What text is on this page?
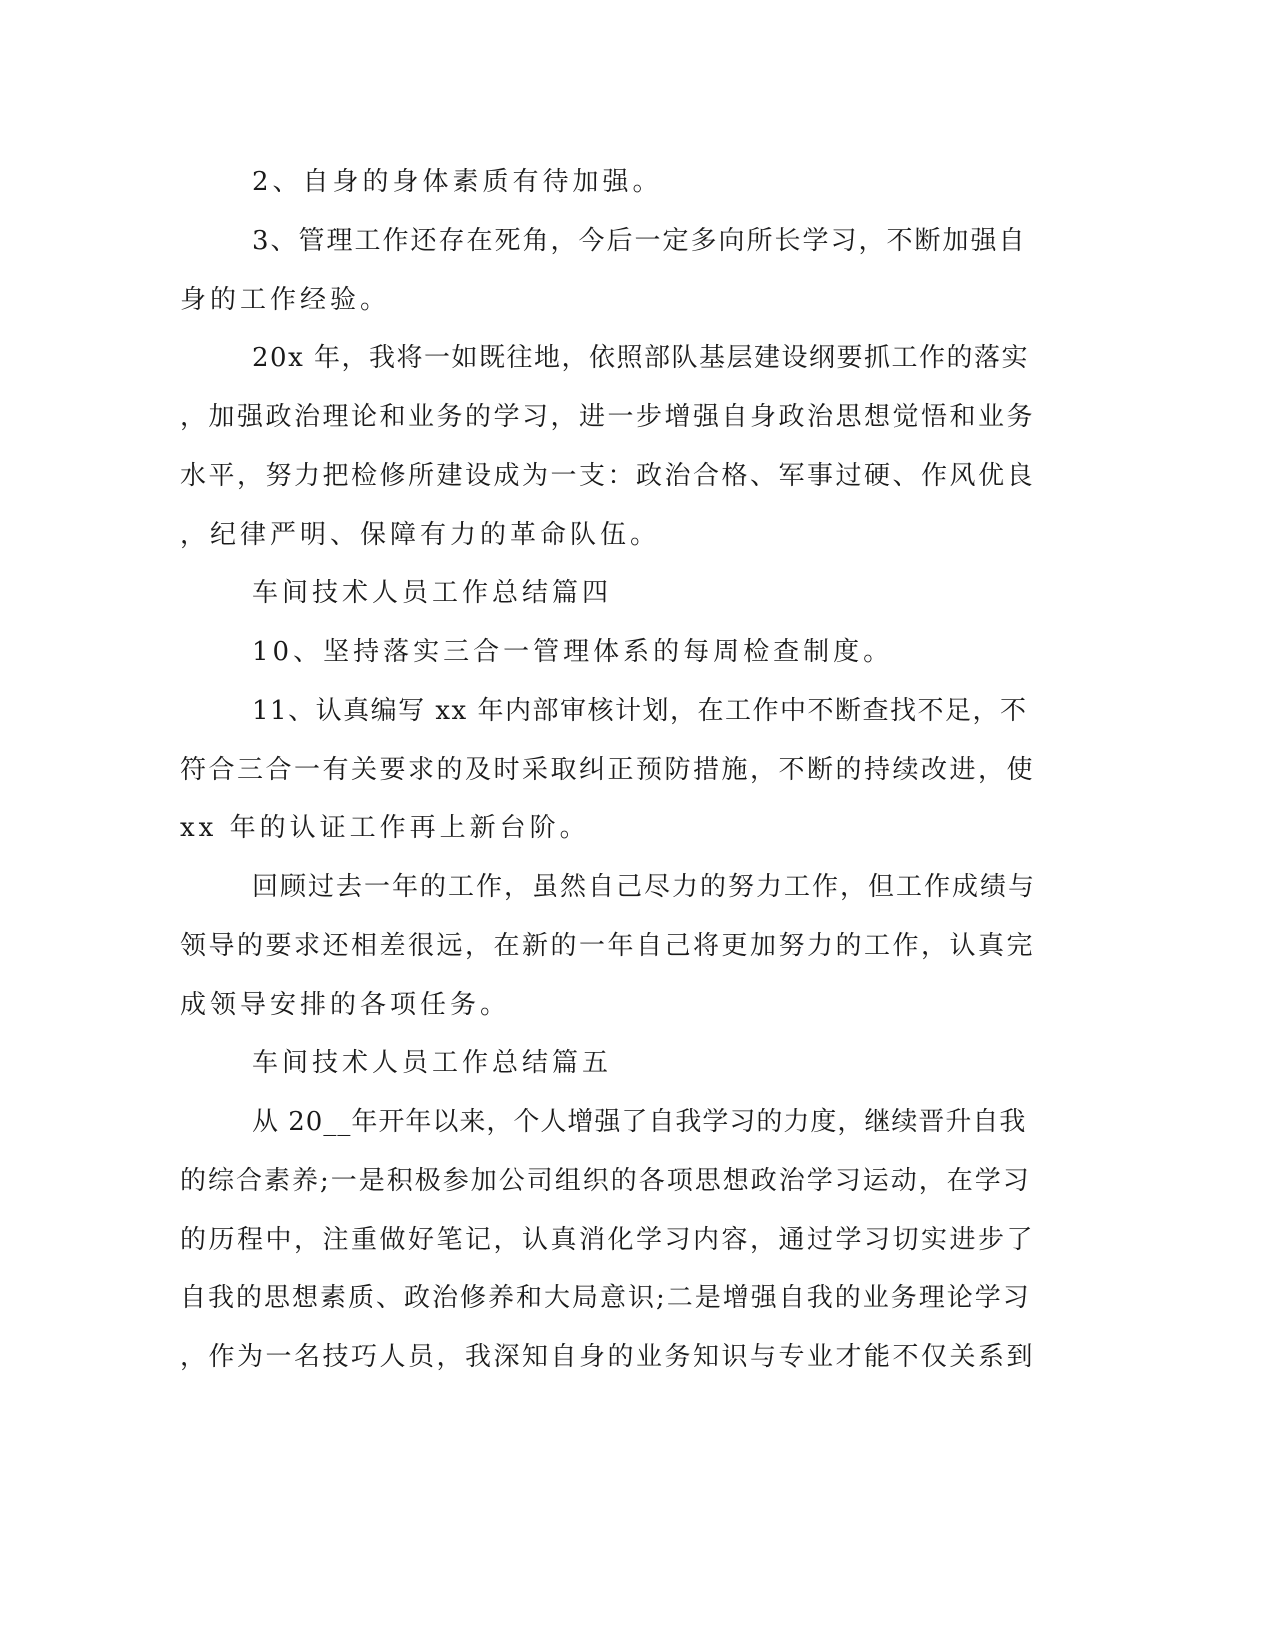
2、自身的身体素质有待加强。
3、管理工作还存在死角，今后一定多向所长学习，不断加强自
身的工作经验。
20x 年，我将一如既往地，依照部队基层建设纲要抓工作的落实
，加强政治理论和业务的学习，进一步增强自身政治思想觉悟和业务
水平，努力把检修所建设成为一支：政治合格、军事过硬、作风优良
，纪律严明、保障有力的革命队伍。
车间技术人员工作总结篇四
10、坚持落实三合一管理体系的每周检查制度。
11、认真编写 xx 年内部审核计划，在工作中不断查找不足，不
符合三合一有关要求的及时采取纠正预防措施，不断的持续改进，使
xx 年的认证工作再上新台阶。
回顾过去一年的工作，虽然自己尽力的努力工作，但工作成绩与
领导的要求还相差很远，在新的一年自己将更加努力的工作，认真完
成领导安排的各项任务。
车间技术人员工作总结篇五
从 20__年开年以来，个人增强了自我学习的力度，继续晋升自我
的综合素养;一是积极参加公司组织的各项思想政治学习运动，在学习
的历程中，注重做好笔记，认真消化学习内容，通过学习切实进步了
自我的思想素质、政治修养和大局意识;二是增强自我的业务理论学习
，作为一名技巧人员，我深知自身的业务知识与专业才能不仅关系到
